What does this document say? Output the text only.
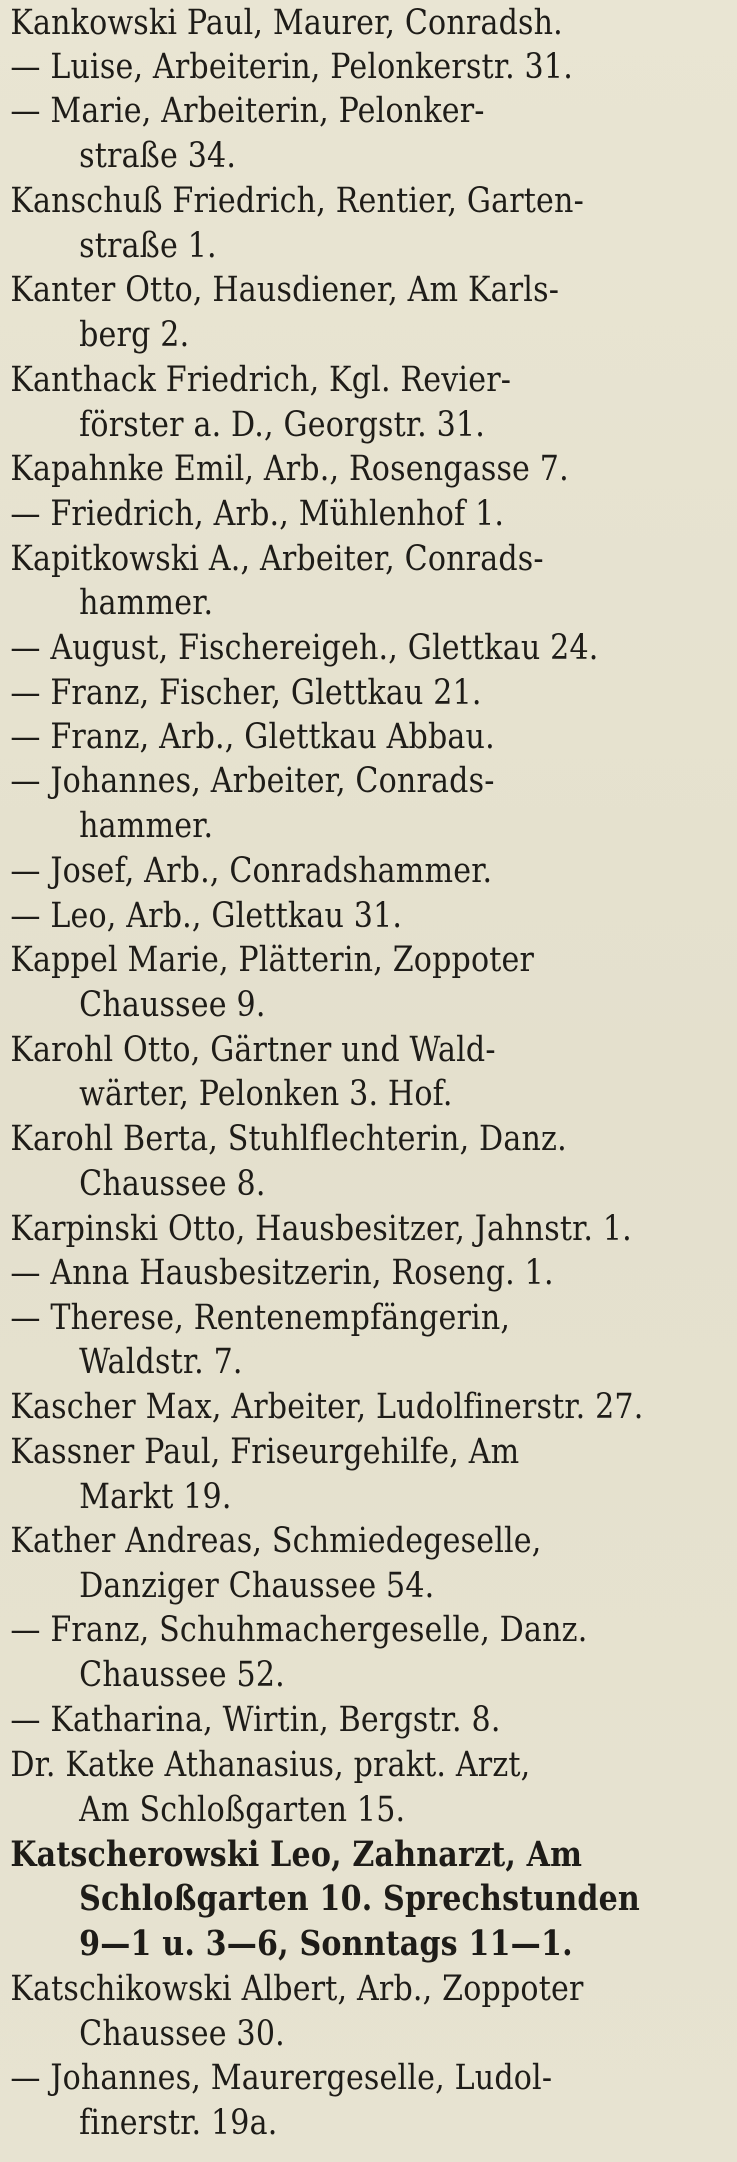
Kankowski Paul, Maurer, Conradsh.
— Luise, Arbeiterin, Pelonkerstr. 31.
— Marie, Arbeiterin, Pelonker-
straße 34.
Kanschuß Friedrich, Rentier, Garten-
straße 1.
Kanter Otto, Hausdiener, Am Karls-
berg 2.
Kanthack Friedrich, Kgl. Revier-
förster a. D., Georgstr. 31.
Kapahnke Emil, Arb., Rosengasse 7.
— Friedrich, Arb., Mühlenhof 1.
Kapitkowski A., Arbeiter, Conrads-
hammer.
— August, Fischereigeh., Glettkau 24.
— Franz, Fischer, Glettkau 21.
— Franz, Arb., Glettkau Abbau.
— Johannes, Arbeiter, Conrads-
hammer.
— Josef, Arb., Conradshammer.
— Leo, Arb., Glettkau 31.
Kappel Marie, Plätterin, Zoppoter
Chaussee 9.
Karohl Otto, Gärtner und Wald-
wärter, Pelonken 3. Hof.
Karohl Berta, Stuhlflechterin, Danz.
Chaussee 8.
Karpinski Otto, Hausbesitzer, Jahnstr. 1.
— Anna Hausbesitzerin, Roseng. 1.
— Therese, Rentenempfängerin,
Waldstr. 7.
Kascher Max, Arbeiter, Ludolfinerstr. 27.
Kassner Paul, Friseurgehilfe, Am
Markt 19.
Kather Andreas, Schmiedegeselle,
Danziger Chaussee 54.
— Franz, Schuhmachergeselle, Danz.
Chaussee 52.
— Katharina, Wirtin, Bergstr. 8.
Dr. Katke Athanasius, prakt. Arzt,
Am Schloßgarten 15.
Katscherowski Leo, Zahnarzt, Am
Schloßgarten 10. Sprechstunden
9—1 u. 3—6, Sonntags 11—1.
Katschikowski Albert, Arb., Zoppoter
Chaussee 30.
— Johannes, Maurergeselle, Ludol-
finerstr. 19a.
